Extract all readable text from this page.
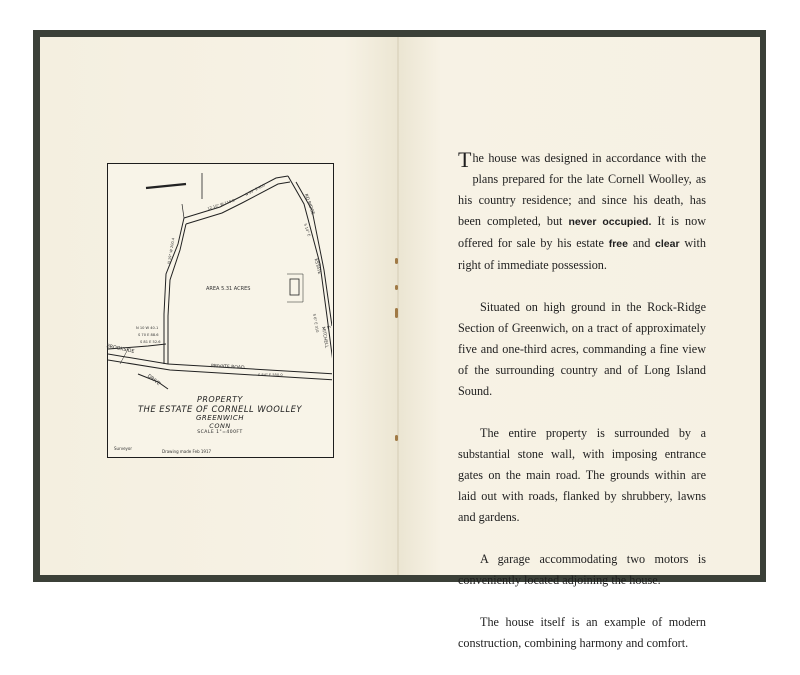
12 10° W 110.6
N 55° E 400
N 19° W 200.4
S 14° E
S 6° E 310
N 10 W 40.1
S 70 E 88.6
S 81 E 52.6
S 84° E 550.0
AREA 5.31 ACRES
PRIVATE ROAD
BROOKSIDE
DRIVE
RD RIDGE
ESTATE
E MITCHELL
PROPERTY
THE ESTATE OF CORNELL WOOLLEY
GREENWICH
CONN
SCALE 1"=400FT
Surveyor
Drawing made Feb 1917

The house was designed in accordance with the plans prepared for the late Cornell Woolley, as his country residence; and since his death, has been completed, but never occupied. It is now offered for sale by his estate free and clear with right of immediate possession.

Situated on high ground in the Rock-Ridge Section of Greenwich, on a tract of approximately five and one-third acres, commanding a fine view of the surrounding country and of Long Island Sound.

The entire property is surrounded by a substantial stone wall, with imposing entrance gates on the main road. The grounds within are laid out with roads, flanked by shrubbery, lawns and gardens.

A garage accommodating two motors is conveniently located adjoining the house.

The house itself is an example of modern construction, combining harmony and comfort.
